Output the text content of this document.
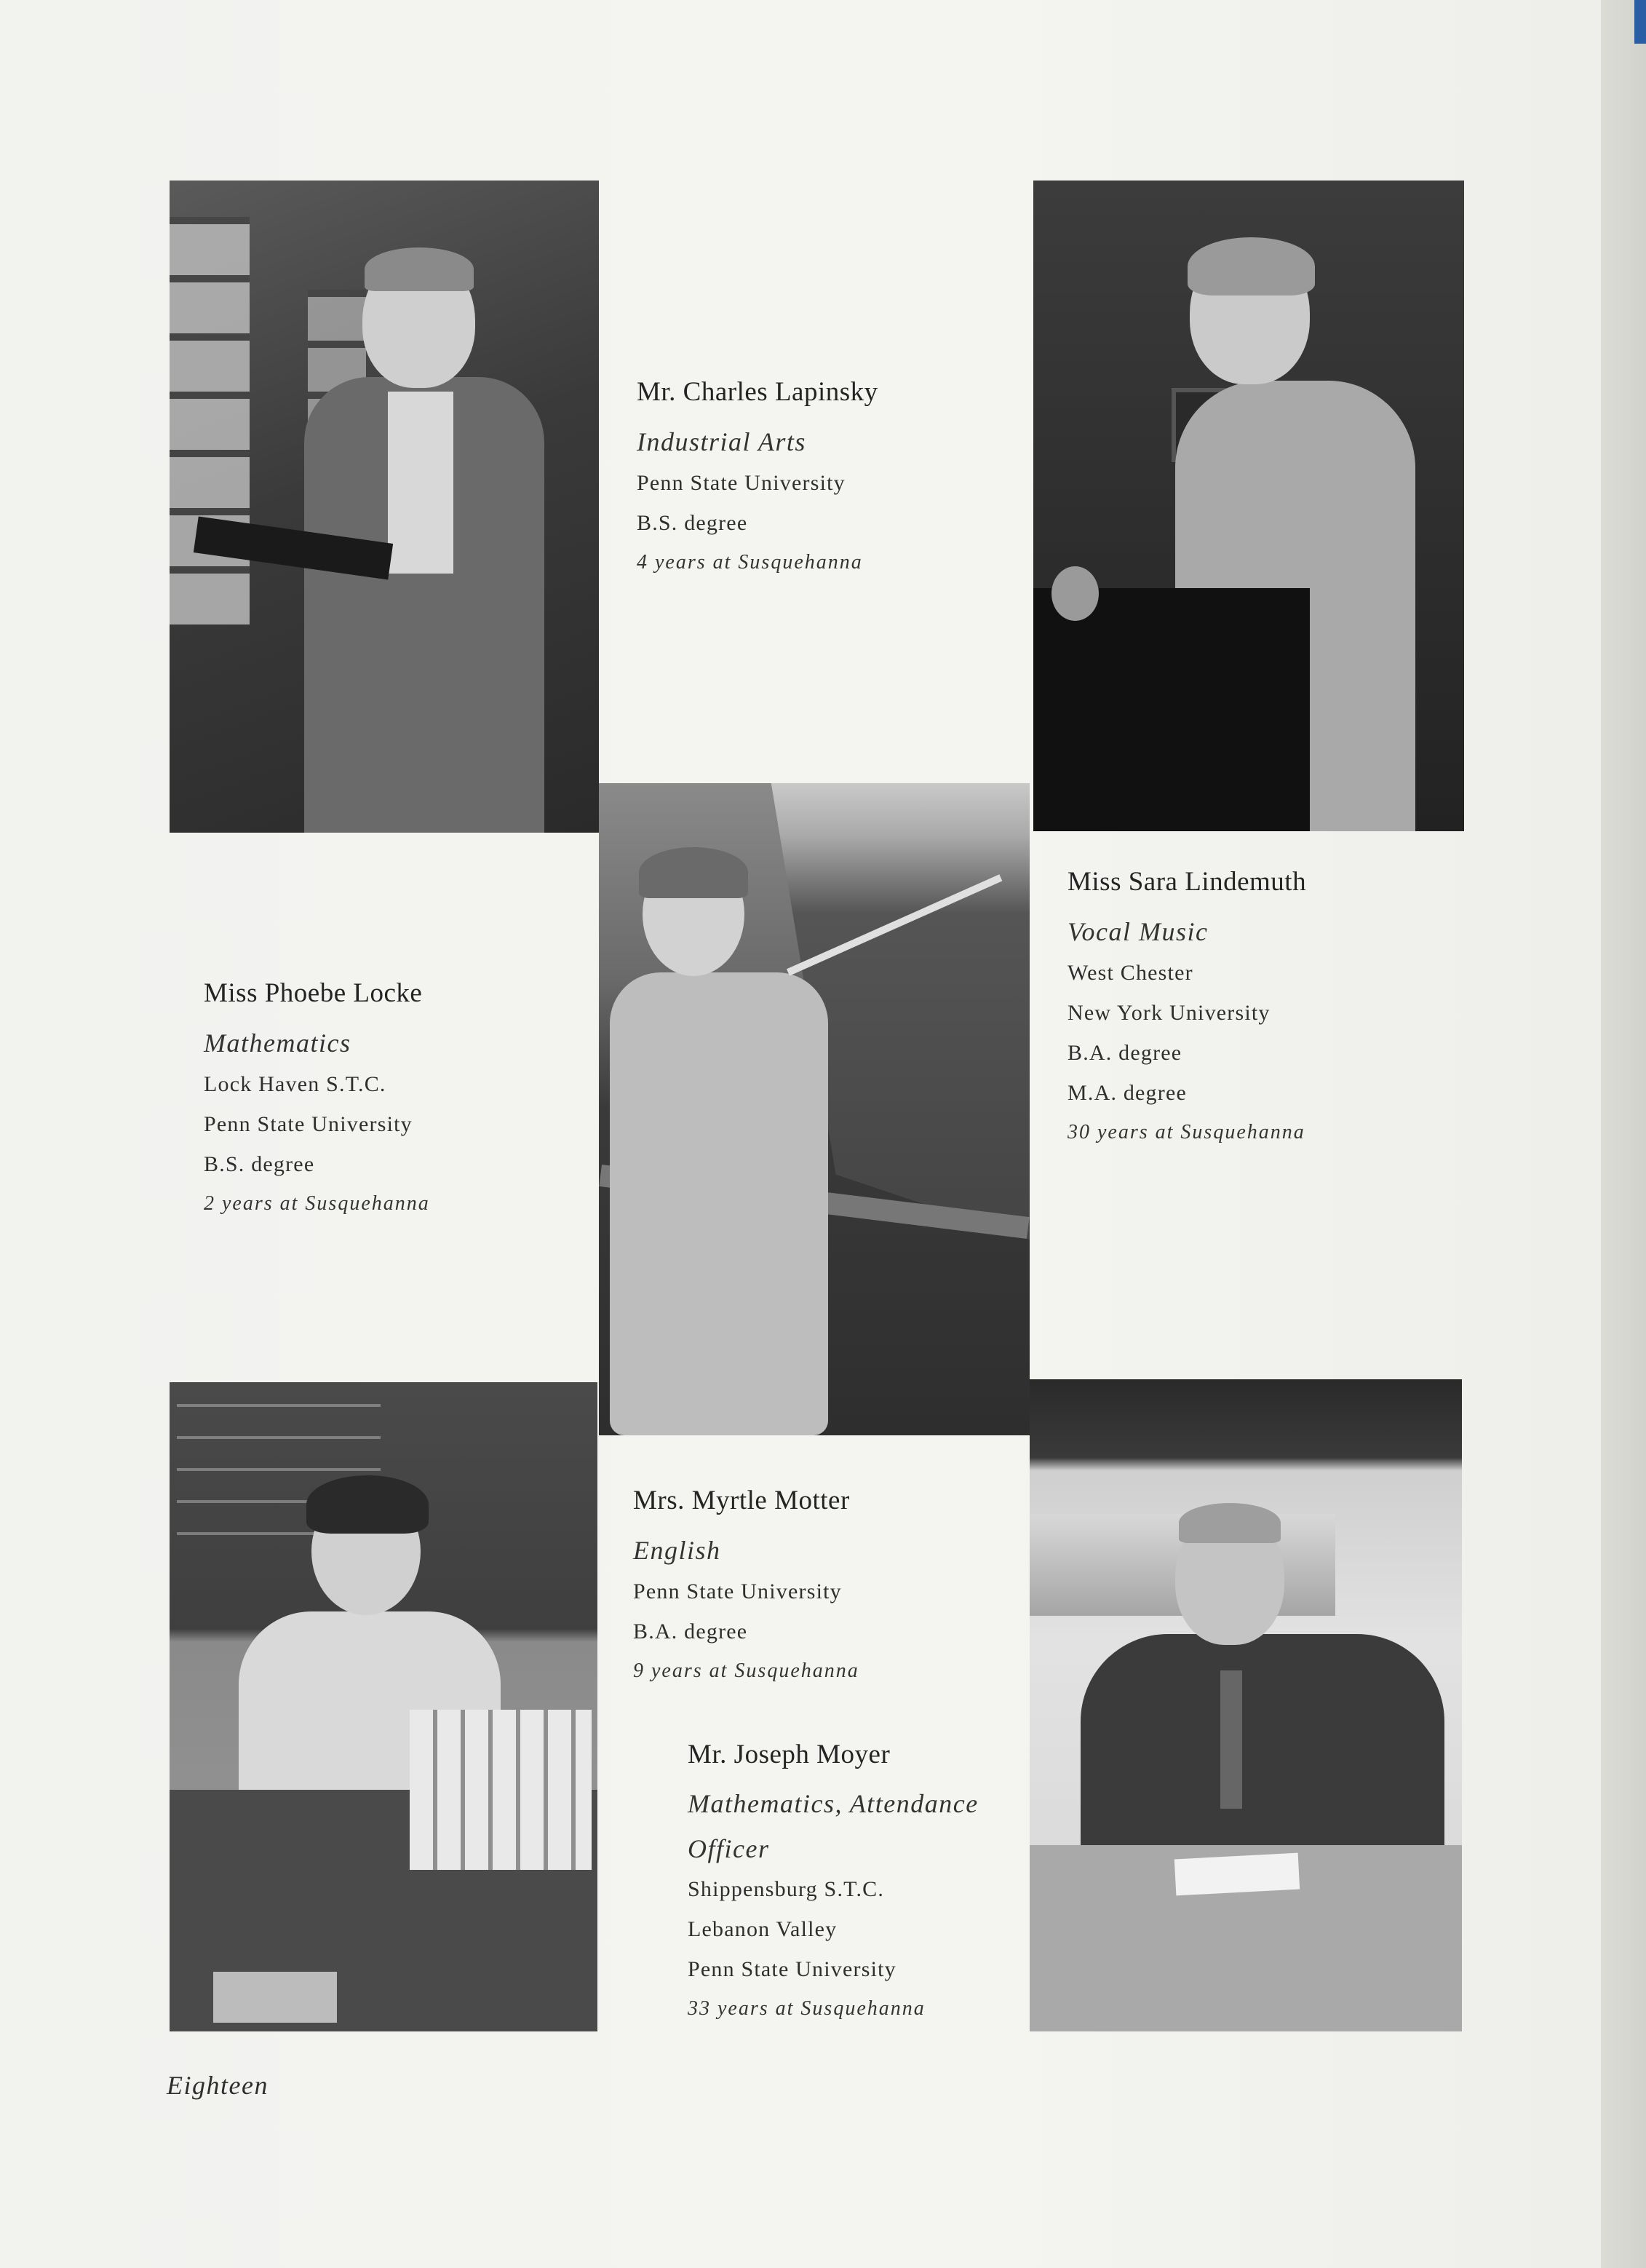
Mr. Charles Lapinsky
Industrial Arts
Penn State University
B.S. degree
4 years at Susquehanna
Miss Sara Lindemuth
Vocal Music
West Chester
New York University
B.A. degree
M.A. degree
30 years at Susquehanna
Miss Phoebe Locke
Mathematics
Lock Haven S.T.C.
Penn State University
B.S. degree
2 years at Susquehanna
Mrs. Myrtle Motter
English
Penn State University
B.A. degree
9 years at Susquehanna
Mr. Joseph Moyer
Mathematics, Attendance Officer
Shippensburg S.T.C.
Lebanon Valley
Penn State University
33 years at Susquehanna
Eighteen
